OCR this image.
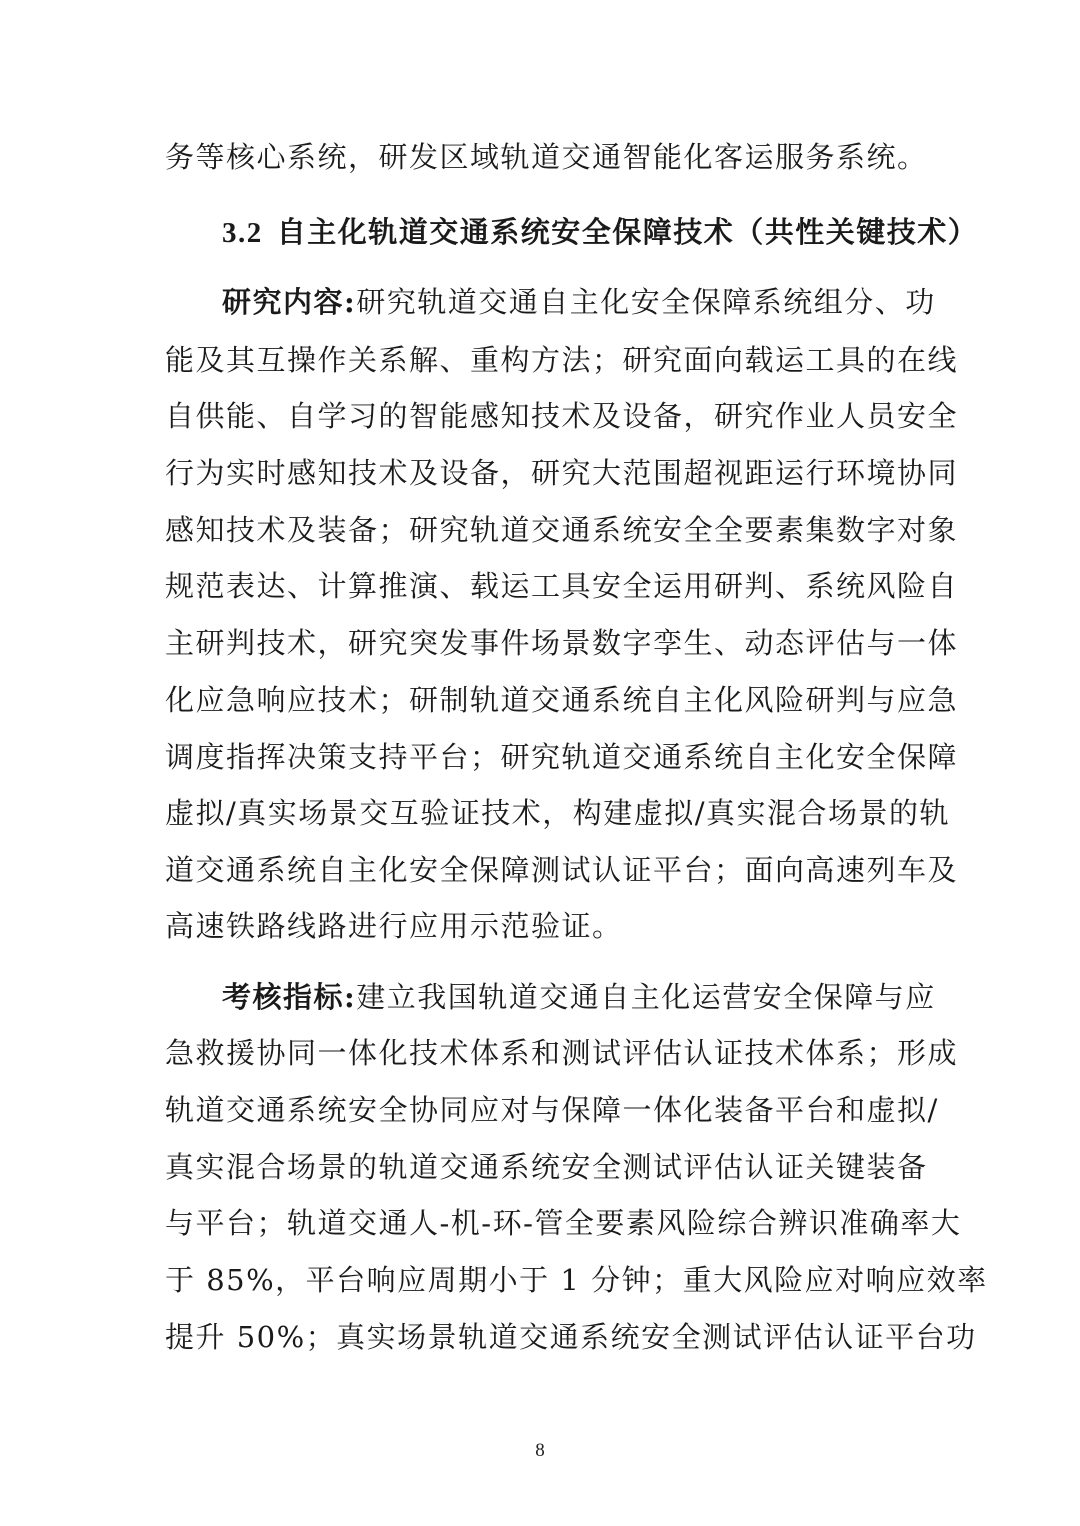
务等核心系统，研发区域轨道交通智能化客运服务系统。
3.2 自主化轨道交通系统安全保障技术（共性关键技术）
研究内容:研究轨道交通自主化安全保障系统组分、功
能及其互操作关系解、重构方法；研究面向载运工具的在线
自供能、自学习的智能感知技术及设备，研究作业人员安全
行为实时感知技术及设备，研究大范围超视距运行环境协同
感知技术及装备；研究轨道交通系统安全全要素集数字对象
规范表达、计算推演、载运工具安全运用研判、系统风险自
主研判技术，研究突发事件场景数字孪生、动态评估与一体
化应急响应技术；研制轨道交通系统自主化风险研判与应急
调度指挥决策支持平台；研究轨道交通系统自主化安全保障
虚拟/真实场景交互验证技术，构建虚拟/真实混合场景的轨
道交通系统自主化安全保障测试认证平台；面向高速列车及
高速铁路线路进行应用示范验证。
考核指标:建立我国轨道交通自主化运营安全保障与应
急救援协同一体化技术体系和测试评估认证技术体系；形成
轨道交通系统安全协同应对与保障一体化装备平台和虚拟/
真实混合场景的轨道交通系统安全测试评估认证关键装备
与平台；轨道交通人-机-环-管全要素风险综合辨识准确率大
于 85%，平台响应周期小于 1 分钟；重大风险应对响应效率
提升 50%；真实场景轨道交通系统安全测试评估认证平台功
8
